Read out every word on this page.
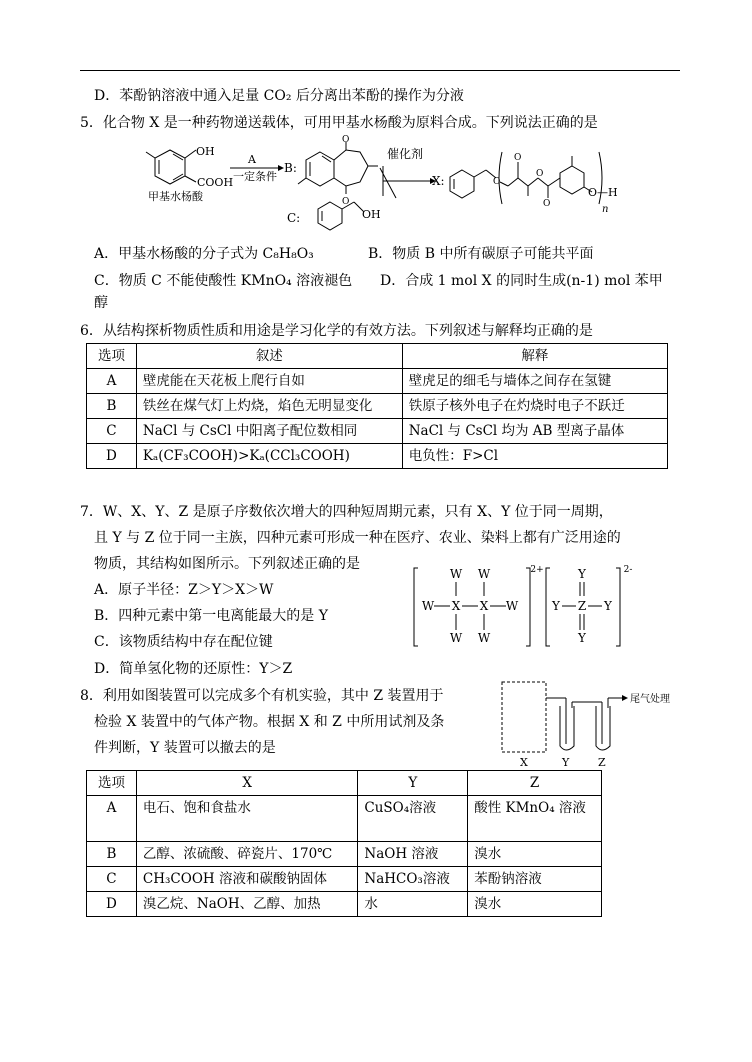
D．苯酚钠溶液中通入足量 CO₂ 后分离出苯酚的操作为分液
5．化合物 X 是一种药物递送载体，可用甲基水杨酸为原料合成。下列说法正确的是
OH
COOH
甲基水杨酸
A
一定条件
B:
O
O
催化剂
X:	O
O
O
O
O—H
n
C:	OH
A．甲基水杨酸的分子式为 C₈H₈O₃	B．物质 B 中所有碳原子可能共平面
C．物质 C 不能使酸性 KMnO₄ 溶液褪色 D．合成 1 mol X 的同时生成(n-1) mol 苯甲
醇
6．从结构探析物质性质和用途是学习化学的有效方法。下列叙述与解释均正确的是
选项	叙述	解释
A	壁虎能在天花板上爬行自如	壁虎足的细毛与墙体之间存在氢键
B	铁丝在煤气灯上灼烧，焰色无明显变化	铁原子核外电子在灼烧时电子不跃迁
C	NaCl 与 CsCl 中阳离子配位数相同	NaCl 与 CsCl 均为 AB 型离子晶体
D	Kₐ(CF₃COOH)>Kₐ(CCl₃COOH)	电负性：F>Cl
7．W、X、Y、Z 是原子序数依次增大的四种短周期元素，只有 X、Y 位于同一周期，
且 Y 与 Z 位于同一主族，四种元素可形成一种在医疗、农业、染料上都有广泛用途的
物质，其结构如图所示。下列叙述正确的是
A．原子半径：Z＞Y＞X＞W
B．四种元素中第一电离能最大的是 Y
C．该物质结构中存在配位键
D．简单氢化物的还原性：Y＞Z
2+
W W
W X X W
W W
2-
Y
Y Z Y
Y
8．利用如图装置可以完成多个有机实验，其中 Z 装置用于
检验 X 装置中的气体产物。根据 X 和 Z 中所用试剂及条
件判断，Y 装置可以撤去的是
尾气处理
X	Y	Z
选项	X	Y	Z
A	电石、饱和食盐水	CuSO₄溶液	酸性 KMnO₄ 溶液
B	乙醇、浓硫酸、碎瓷片、170℃	NaOH 溶液	溴水
C	CH₃COOH 溶液和碳酸钠固体	NaHCO₃溶液	苯酚钠溶液
D	溴乙烷、NaOH、乙醇、加热	水	溴水
